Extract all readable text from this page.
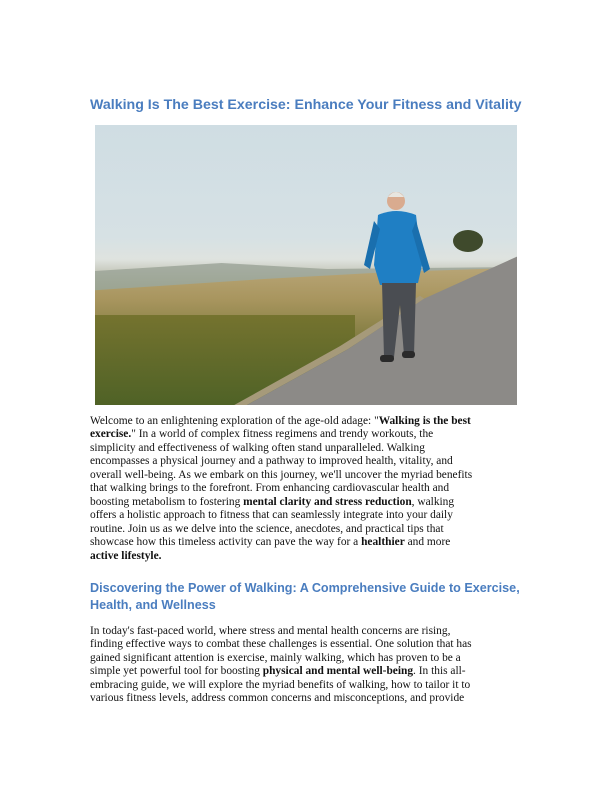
Walking Is The Best Exercise: Enhance Your Fitness and Vitality
Welcome to an enlightening exploration of the age-old adage: "Walking is the best
exercise." In a world of complex fitness regimens and trendy workouts, the
simplicity and effectiveness of walking often stand unparalleled. Walking
encompasses a physical journey and a pathway to improved health, vitality, and
overall well-being. As we embark on this journey, we'll uncover the myriad benefits
that walking brings to the forefront. From enhancing cardiovascular health and
boosting metabolism to fostering mental clarity and stress reduction, walking
offers a holistic approach to fitness that can seamlessly integrate into your daily
routine. Join us as we delve into the science, anecdotes, and practical tips that
showcase how this timeless activity can pave the way for a healthier and more
active lifestyle.
Discovering the Power of Walking: A Comprehensive Guide to Exercise,
Health, and Wellness
In today's fast-paced world, where stress and mental health concerns are rising,
finding effective ways to combat these challenges is essential. One solution that has
gained significant attention is exercise, mainly walking, which has proven to be a
simple yet powerful tool for boosting physical and mental well-being. In this all-
embracing guide, we will explore the myriad benefits of walking, how to tailor it to
various fitness levels, address common concerns and misconceptions, and provide
